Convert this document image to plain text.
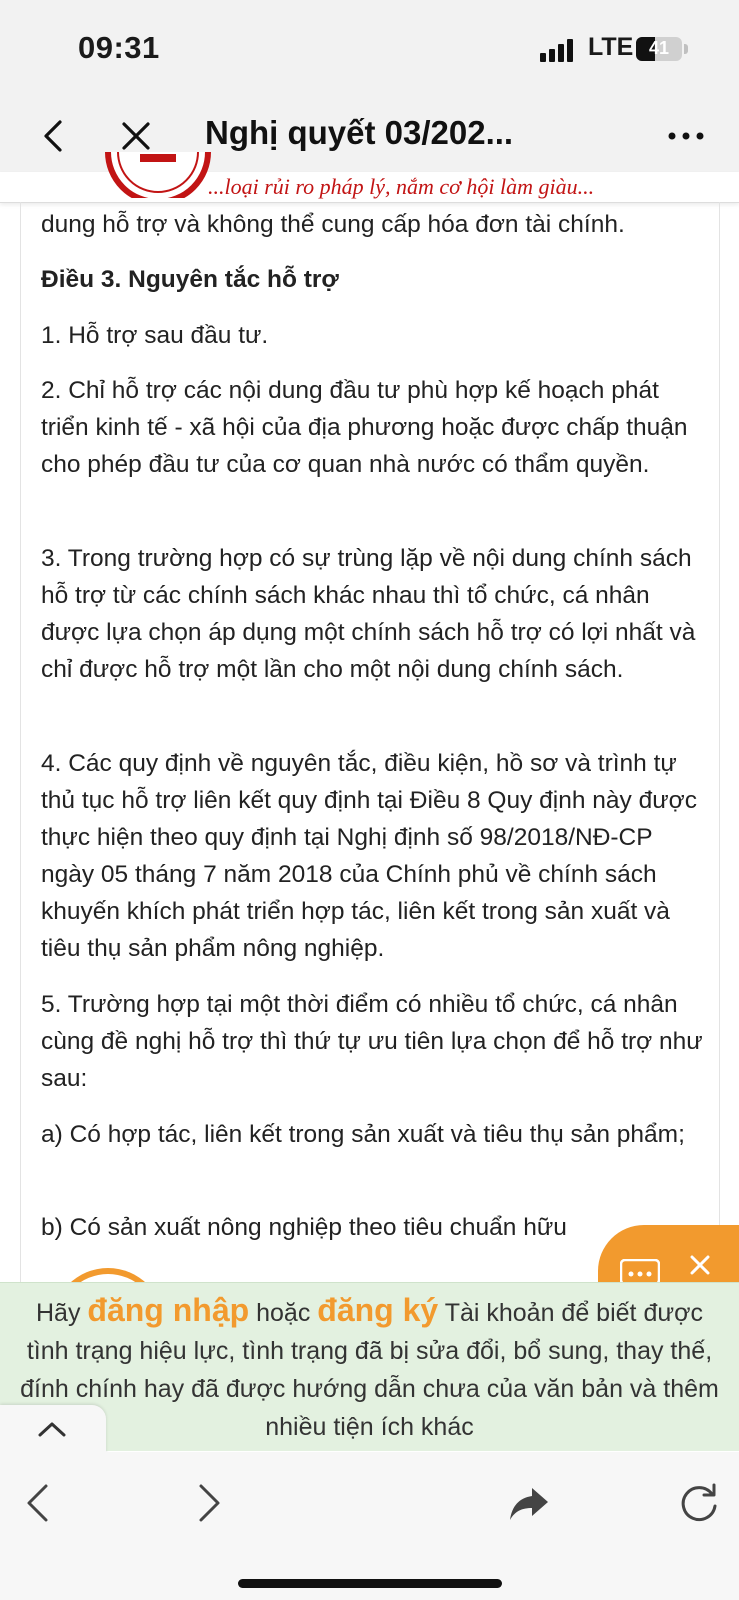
09:31	LTE 41
Nghị quyết 03/202...
...loại rủi ro pháp lý, nắm cơ hội làm giàu...

dung hỗ trợ và không thể cung cấp hóa đơn tài chính.

Điều 3. Nguyên tắc hỗ trợ

1. Hỗ trợ sau đầu tư.

2. Chỉ hỗ trợ các nội dung đầu tư phù hợp kế hoạch phát triển kinh tế - xã hội của địa phương hoặc được chấp thuận cho phép đầu tư của cơ quan nhà nước có thẩm quyền.

3. Trong trường hợp có sự trùng lặp về nội dung chính sách hỗ trợ từ các chính sách khác nhau thì tổ chức, cá nhân được lựa chọn áp dụng một chính sách hỗ trợ có lợi nhất và chỉ được hỗ trợ một lần cho một nội dung chính sách.

4. Các quy định về nguyên tắc, điều kiện, hồ sơ và trình tự thủ tục hỗ trợ liên kết quy định tại Điều 8 Quy định này được thực hiện theo quy định tại Nghị định số 98/2018/NĐ-CP ngày 05 tháng 7 năm 2018 của Chính phủ về chính sách khuyến khích phát triển hợp tác, liên kết trong sản xuất và tiêu thụ sản phẩm nông nghiệp.

5. Trường hợp tại một thời điểm có nhiều tổ chức, cá nhân cùng đề nghị hỗ trợ thì thứ tự ưu tiên lựa chọn để hỗ trợ như sau:

a) Có hợp tác, liên kết trong sản xuất và tiêu thụ sản phẩm;

b) Có sản xuất nông nghiệp theo tiêu chuẩn hữu

Hãy đăng nhập hoặc đăng ký Tài khoản để biết được tình trạng hiệu lực, tình trạng đã bị sửa đổi, bổ sung, thay thế, đính chính hay đã được hướng dẫn chưa của văn bản và thêm nhiều tiện ích khác
